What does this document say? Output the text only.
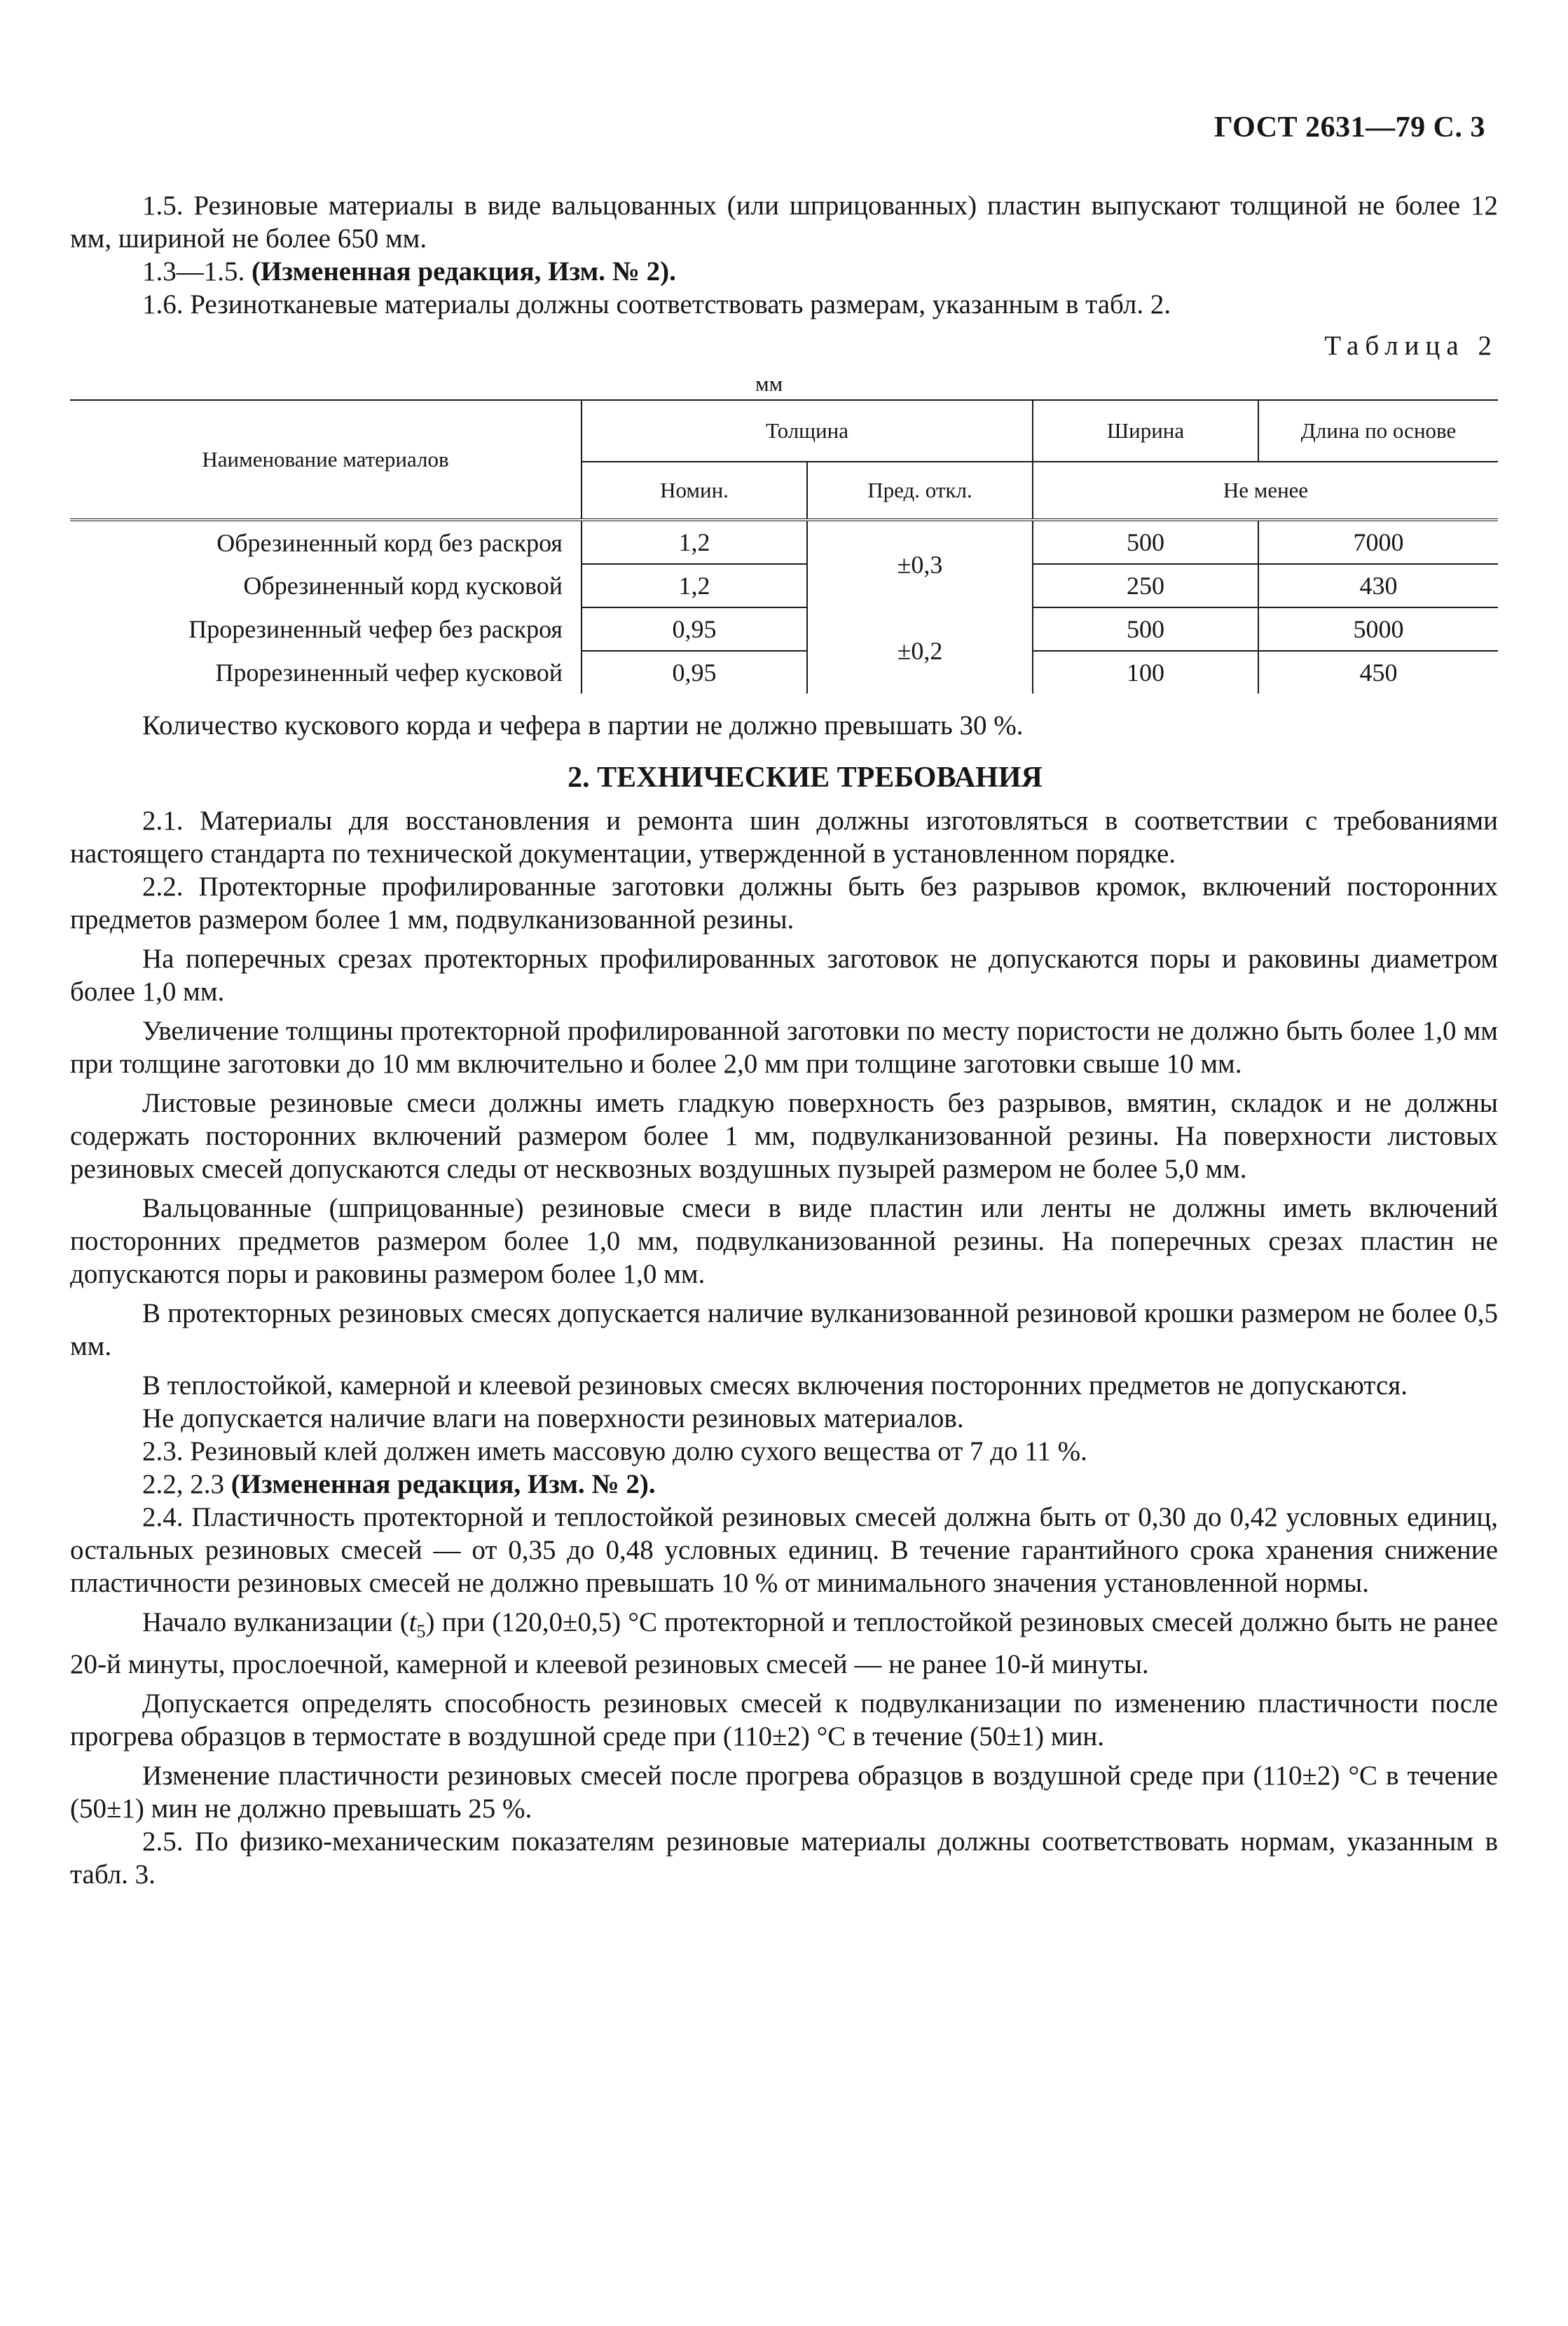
ГОСТ 2631—79 С. 3

1.5. Резиновые материалы в виде вальцованных (или шприцованных) пластин выпускают толщиной не более 12 мм, шириной не более 650 мм.

1.3—1.5. (Измененная редакция, Изм. № 2).

1.6. Резинотканевые материалы должны соответствовать размерам, указанным в табл. 2.

Таблица 2
мм
Наименование материалов	Толщина		Ширина	Длина по основе
	Номин.	Пред. откл.	Не менее	
Обрезиненный корд без раскроя	1,2	±0,3	500	7000
Обрезиненный корд кусковой	1,2		250	430
Прорезиненный чефер без раскроя	0,95	±0,2	500	5000
Прорезиненный чефер кусковой	0,95		100	450

Количество кускового корда и чефера в партии не должно превышать 30 %.

2. ТЕХНИЧЕСКИЕ ТРЕБОВАНИЯ

2.1. Материалы для восстановления и ремонта шин должны изготовляться в соответствии с требованиями настоящего стандарта по технической документации, утвержденной в установленном порядке.

2.2. Протекторные профилированные заготовки должны быть без разрывов кромок, включений посторонних предметов размером более 1 мм, подвулканизованной резины.

На поперечных срезах протекторных профилированных заготовок не допускаются поры и раковины диаметром более 1,0 мм.

Увеличение толщины протекторной профилированной заготовки по месту пористости не должно быть более 1,0 мм при толщине заготовки до 10 мм включительно и более 2,0 мм при толщине заготовки свыше 10 мм.

Листовые резиновые смеси должны иметь гладкую поверхность без разрывов, вмятин, складок и не должны содержать посторонних включений размером более 1 мм, подвулканизованной резины. На поверхности листовых резиновых смесей допускаются следы от несквозных воздушных пузырей размером не более 5,0 мм.

Вальцованные (шприцованные) резиновые смеси в виде пластин или ленты не должны иметь включений посторонних предметов размером более 1,0 мм, подвулканизованной резины. На поперечных срезах пластин не допускаются поры и раковины размером более 1,0 мм.

В протекторных резиновых смесях допускается наличие вулканизованной резиновой крошки размером не более 0,5 мм.

В теплостойкой, камерной и клеевой резиновых смесях включения посторонних предметов не допускаются.

Не допускается наличие влаги на поверхности резиновых материалов.

2.3. Резиновый клей должен иметь массовую долю сухого вещества от 7 до 11 %.

2.2, 2.3 (Измененная редакция, Изм. № 2).

2.4. Пластичность протекторной и теплостойкой резиновых смесей должна быть от 0,30 до 0,42 условных единиц, остальных резиновых смесей — от 0,35 до 0,48 условных единиц. В течение гарантийного срока хранения снижение пластичности резиновых смесей не должно превышать 10 % от минимального значения установленной нормы.

Начало вулканизации $(t_5)$ при (120,0±0,5) °С протекторной и теплостойкой резиновых смесей должно быть не ранее 20-й минуты, прослоечной, камерной и клеевой резиновых смесей — не ранее 10-й минуты.

Допускается определять способность резиновых смесей к подвулканизации по изменению пластичности после прогрева образцов в термостате в воздушной среде при (110±2) °С в течение (50±1) мин.

Изменение пластичности резиновых смесей после прогрева образцов в воздушной среде при (110±2) °С в течение (50±1) мин не должно превышать 25 %.

2.5. По физико-механическим показателям резиновые материалы должны соответствовать нормам, указанным в табл. 3.
